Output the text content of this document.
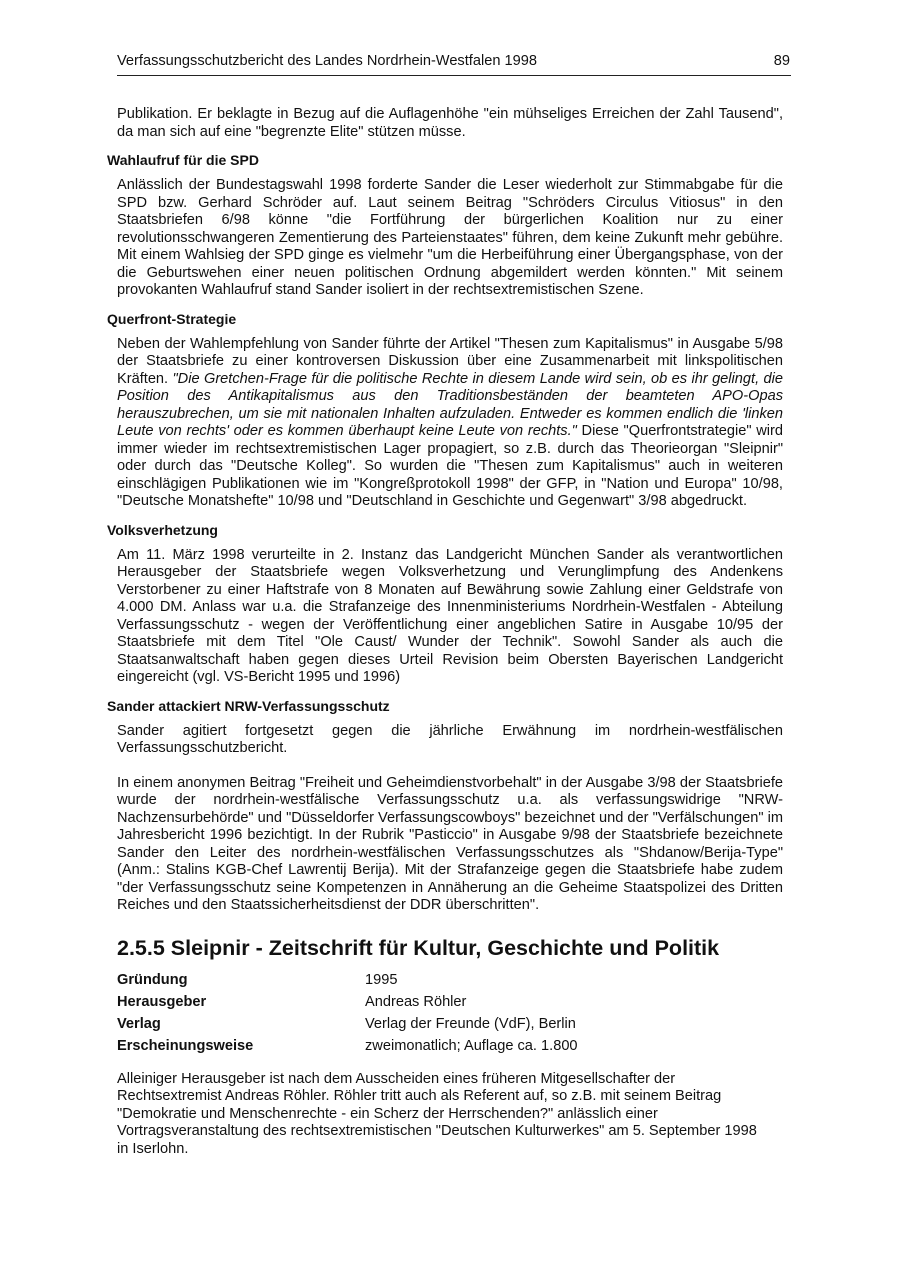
Verfassungsschutzbericht des Landes Nordrhein-Westfalen 1998	89

Publikation. Er beklagte in Bezug auf die Auflagenhöhe "ein mühseliges Erreichen der Zahl Tausend", da man sich auf eine "begrenzte Elite" stützen müsse.

Wahlaufruf für die SPD

Anlässlich der Bundestagswahl 1998 forderte Sander die Leser wiederholt zur Stimmabgabe für die SPD bzw. Gerhard Schröder auf. Laut seinem Beitrag "Schröders Circulus Vitiosus" in den Staatsbriefen 6/98 könne "die Fortführung der bürgerlichen Koalition nur zu einer revolutionsschwangeren Zementierung des Parteienstaates" führen, dem keine Zukunft mehr gebühre. Mit einem Wahlsieg der SPD ginge es vielmehr "um die Herbeiführung einer Übergangsphase, von der die Geburtswehen einer neuen politischen Ordnung abgemildert werden könnten." Mit seinem provokanten Wahlaufruf stand Sander isoliert in der rechtsextremistischen Szene.

Querfront-Strategie

Neben der Wahlempfehlung von Sander führte der Artikel "Thesen zum Kapitalismus" in Ausgabe 5/98 der Staatsbriefe zu einer kontroversen Diskussion über eine Zusammenarbeit mit linkspolitischen Kräften. "Die Gretchen-Frage für die politische Rechte in diesem Lande wird sein, ob es ihr gelingt, die Position des Antikapitalismus aus den Traditionsbeständen der beamteten APO-Opas herauszubrechen, um sie mit nationalen Inhalten aufzuladen. Entweder es kommen endlich die 'linken Leute von rechts' oder es kommen überhaupt keine Leute von rechts." Diese "Querfrontstrategie" wird immer wieder im rechtsextremistischen Lager propagiert, so z.B. durch das Theorieorgan "Sleipnir" oder durch das "Deutsche Kolleg". So wurden die "Thesen zum Kapitalismus" auch in weiteren einschlägigen Publikationen wie im "Kongreßprotokoll 1998" der GFP, in "Nation und Europa" 10/98, "Deutsche Monatshefte" 10/98 und "Deutschland in Geschichte und Gegenwart" 3/98 abgedruckt.

Volksverhetzung

Am 11. März 1998 verurteilte in 2. Instanz das Landgericht München Sander als verantwortlichen Herausgeber der Staatsbriefe wegen Volksverhetzung und Verunglimpfung des Andenkens Verstorbener zu einer Haftstrafe von 8 Monaten auf Bewährung sowie Zahlung einer Geldstrafe von 4.000 DM. Anlass war u.a. die Strafanzeige des Innenministeriums Nordrhein-Westfalen - Abteilung Verfassungsschutz - wegen der Veröffentlichung einer angeblichen Satire in Ausgabe 10/95 der Staatsbriefe mit dem Titel "Ole Caust/ Wunder der Technik". Sowohl Sander als auch die Staatsanwaltschaft haben gegen dieses Urteil Revision beim Obersten Bayerischen Landgericht eingereicht (vgl. VS-Bericht 1995 und 1996)

Sander attackiert NRW-Verfassungsschutz

Sander agitiert fortgesetzt gegen die jährliche Erwähnung im nordrhein-westfälischen Verfassungsschutzbericht.

In einem anonymen Beitrag "Freiheit und Geheimdienstvorbehalt" in der Ausgabe 3/98 der Staatsbriefe wurde der nordrhein-westfälische Verfassungsschutz u.a. als verfassungswidrige "NRW-Nachzensurbehörde" und "Düsseldorfer Verfassungscowboys" bezeichnet und der "Verfälschungen" im Jahresbericht 1996 bezichtigt. In der Rubrik "Pasticcio" in Ausgabe 9/98 der Staatsbriefe bezeichnete Sander den Leiter des nordrhein-westfälischen Verfassungsschutzes als "Shdanow/Berija-Type" (Anm.: Stalins KGB-Chef Lawrentij Berija). Mit der Strafanzeige gegen die Staatsbriefe habe zudem "der Verfassungsschutz seine Kompetenzen in Annäherung an die Geheime Staatspolizei des Dritten Reiches und den Staatssicherheitsdienst der DDR überschritten".

2.5.5 Sleipnir - Zeitschrift für Kultur, Geschichte und Politik
Gründung	1995
Herausgeber	Andreas Röhler
Verlag	Verlag der Freunde (VdF), Berlin
Erscheinungsweise	zweimonatlich; Auflage ca. 1.800

Alleiniger Herausgeber ist nach dem Ausscheiden eines früheren Mitgesellschafter der
Rechtsextremist Andreas Röhler. Röhler tritt auch als Referent auf, so z.B. mit seinem Beitrag
"Demokratie und Menschenrechte - ein Scherz der Herrschenden?" anlässlich einer
Vortragsveranstaltung des rechtsextremistischen "Deutschen Kulturwerkes" am 5. September 1998
in Iserlohn.
